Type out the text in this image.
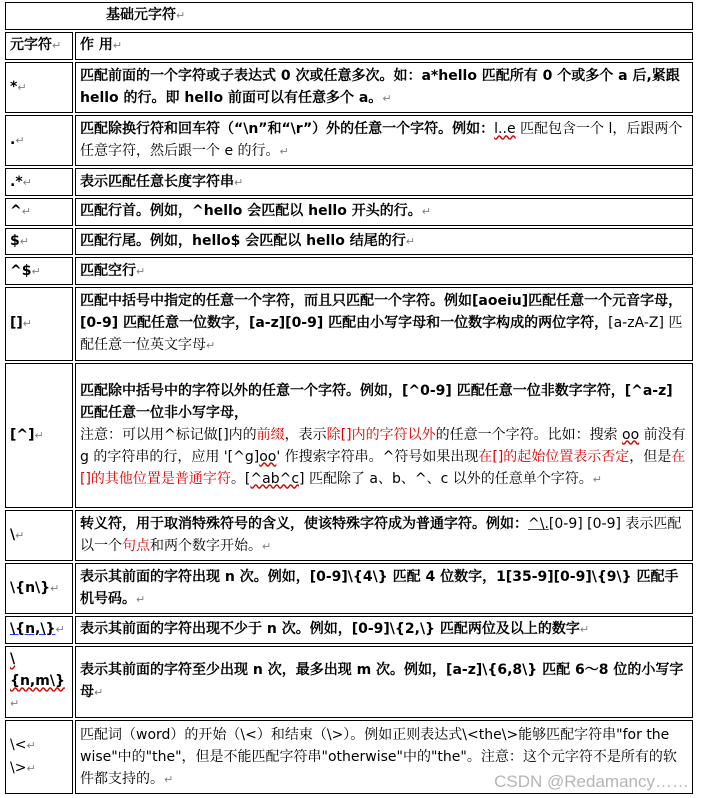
基础元字符↵	
元字符↵	作 用↵
*↵	匹配前面的一个字符或子表达式 0 次或任意多次。如：a*hello 匹配所有 0 个或多个 a 后,紧跟 hello 的行。即 hello 前面可以有任意多个 a。↵
.↵	匹配除换行符和回车符（“\n”和“\r”）外的任意一个字符。例如：l..e 匹配包含一个 l，后跟两个任意字符，然后跟一个 e 的行。↵
.*↵	表示匹配任意长度字符串↵
^↵	匹配行首。例如，^hello 会匹配以 hello 开头的行。↵
$↵	匹配行尾。例如，hello$ 会匹配以 hello 结尾的行↵
^$↵	匹配空行↵
[]↵	匹配中括号中指定的任意一个字符，而且只匹配一个字符。例如[aoeiu]匹配任意一个元音字母， [0-9] 匹配任意一位数字，[a-z][0-9] 匹配由小写字母和一位数字构成的两位字符，[a-zA-Z] 匹配任意一位英文字母↵
[^]↵	匹配除中括号中的字符以外的任意一个字符。例如，[^0-9] 匹配任意一位非数字字符，[^a-z] 匹配任意一位非小写字母，
注意：可以用^标记做[]内的前缀，表示除[]内的字符以外的任意一个字符。比如：搜索 oo 前没有 g 的字符串的行，应用 '[^g]oo' 作搜索字符串。^符号如果出现在[]的起始位置表示否定，但是在[]的其他位置是普通字符。[^ab^c] 匹配除了 a、b、^、c 以外的任意单个字符。↵
\↵	转义符，用于取消特殊符号的含义，使该特殊字符成为普通字符。例如：^\.[0-9] [0-9] 表示匹配以一个句点和两个数字开始。↵
\{n\}↵	表示其前面的字符出现 n 次。例如，[0-9]\{4\} 匹配 4 位数字，1[35-9][0-9]\{9\} 匹配手机号码。↵
\{n,\}↵	表示其前面的字符出现不少于 n 次。例如，[0-9]\{2,\} 匹配两位及以上的数字↵
\{n,m\}↵	表示其前面的字符至少出现 n 次，最多出现 m 次。例如，[a-z]\{6,8\} 匹配 6～8 位的小写字母↵
\<↵
\>↵	匹配词（word）的开始（\<）和结束（\>）。例如正则表达式\<the\>能够匹配字符串"for the wise"中的"the"，但是不能匹配字符串"otherwise"中的"the"。注意：这个元字符不是所有的软件都支持的。↵	CSDN @Redamancy……
